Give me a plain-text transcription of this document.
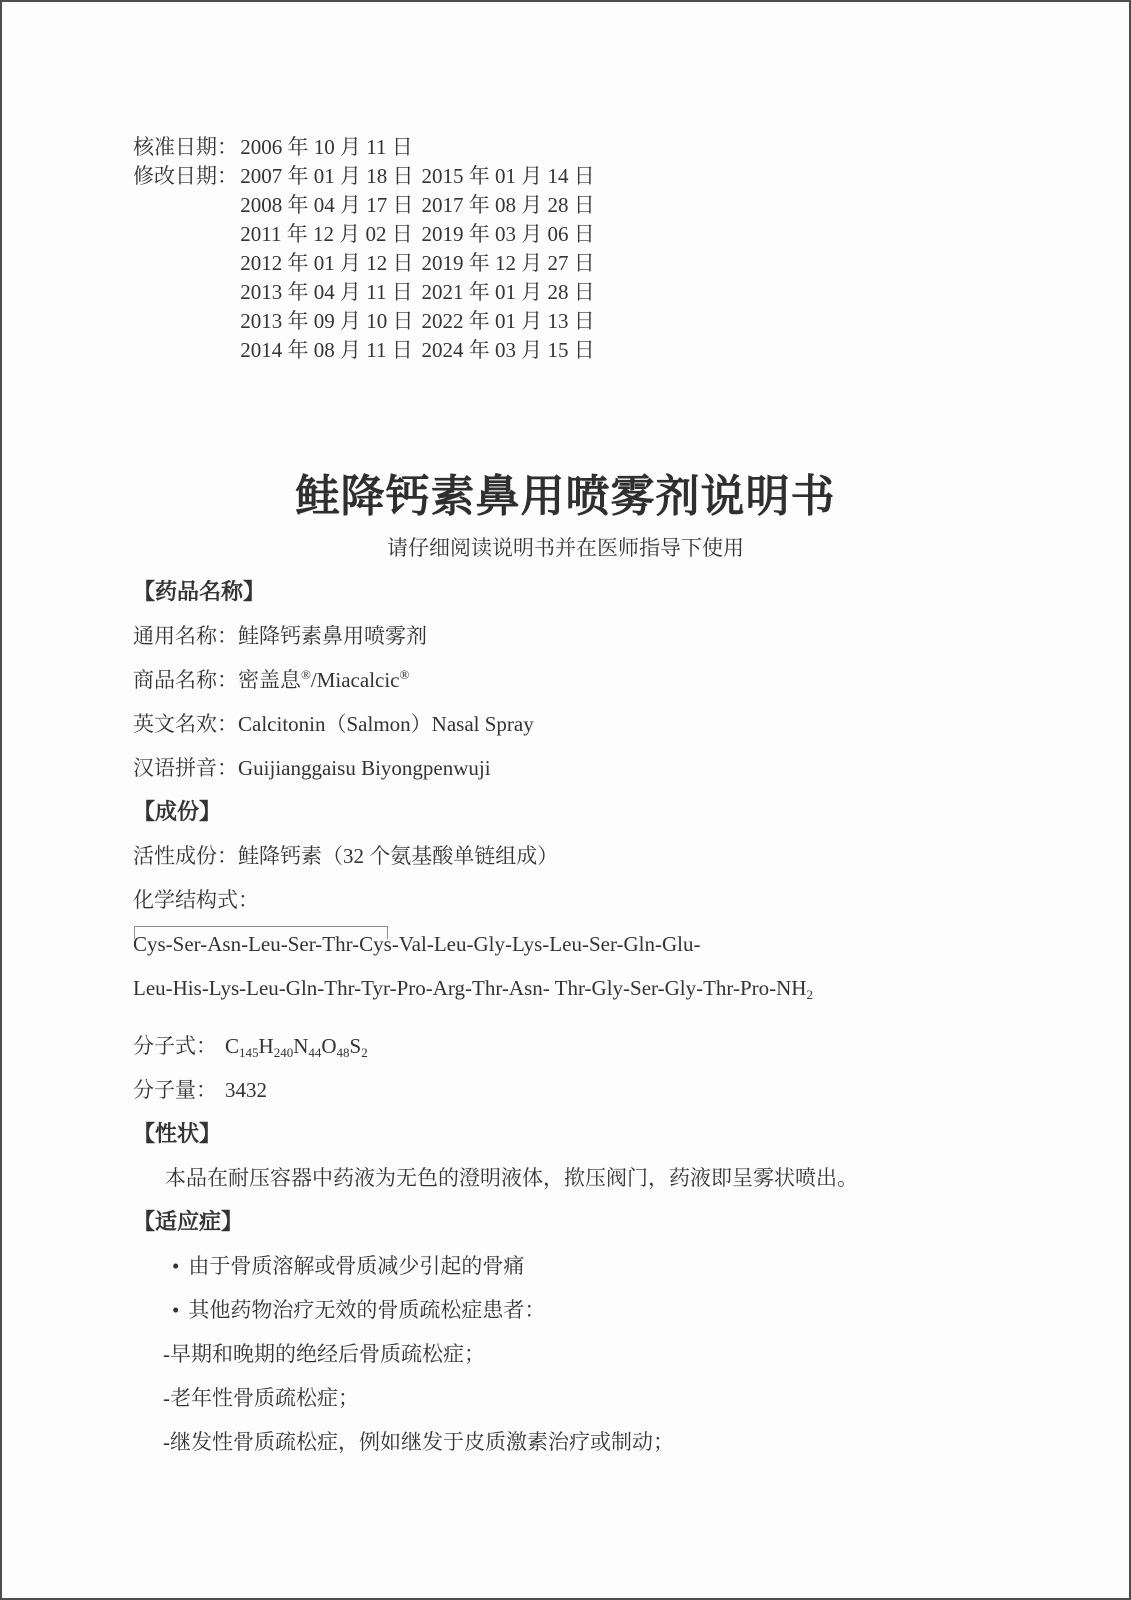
核准日期： 2006 年 10 月 11 日
修改日期： 2007 年 01 月 18 日 2015 年 01 月 14 日
2008 年 04 月 17 日 2017 年 08 月 28 日
2011 年 12 月 02 日 2019 年 03 月 06 日
2012 年 01 月 12 日 2019 年 12 月 27 日
2013 年 04 月 11 日 2021 年 01 月 28 日
2013 年 09 月 10 日 2022 年 01 月 13 日
2014 年 08 月 11 日 2024 年 03 月 15 日
鲑降钙素鼻用喷雾剂说明书
请仔细阅读说明书并在医师指导下使用
【药品名称】
通用名称：鲑降钙素鼻用喷雾剂
商品名称：密盖息®/Miacalcic®
英文名欢：Calcitonin（Salmon）Nasal Spray
汉语拼音：Guijianggaisu Biyongpenwuji
【成份】
活性成份：鲑降钙素（32 个氨基酸单链组成）
化学结构式：
Cys-Ser-Asn-Leu-Ser-Thr-Cys-Val-Leu-Gly-Lys-Leu-Ser-Gln-Glu-
Leu-His-Lys-Leu-Gln-Thr-Tyr-Pro-Arg-Thr-Asn- Thr-$Gly-Ser-Gly-Thr-Pro-NH_2$
分子式： $C_{145}H_{240}N_{44}O_{48}S_2$
分子量： 3432
【性状】
本品在耐压容器中药液为无色的澄明液体，揿压阀门，药液即呈雾状喷出。
【适应症】
• 由于骨质溶解或骨质减少引起的骨痛
• 其他药物治疗无效的骨质疏松症患者：
-早期和晚期的绝经后骨质疏松症；
-老年性骨质疏松症；
-继发性骨质疏松症，例如继发于皮质激素治疗或制动；
